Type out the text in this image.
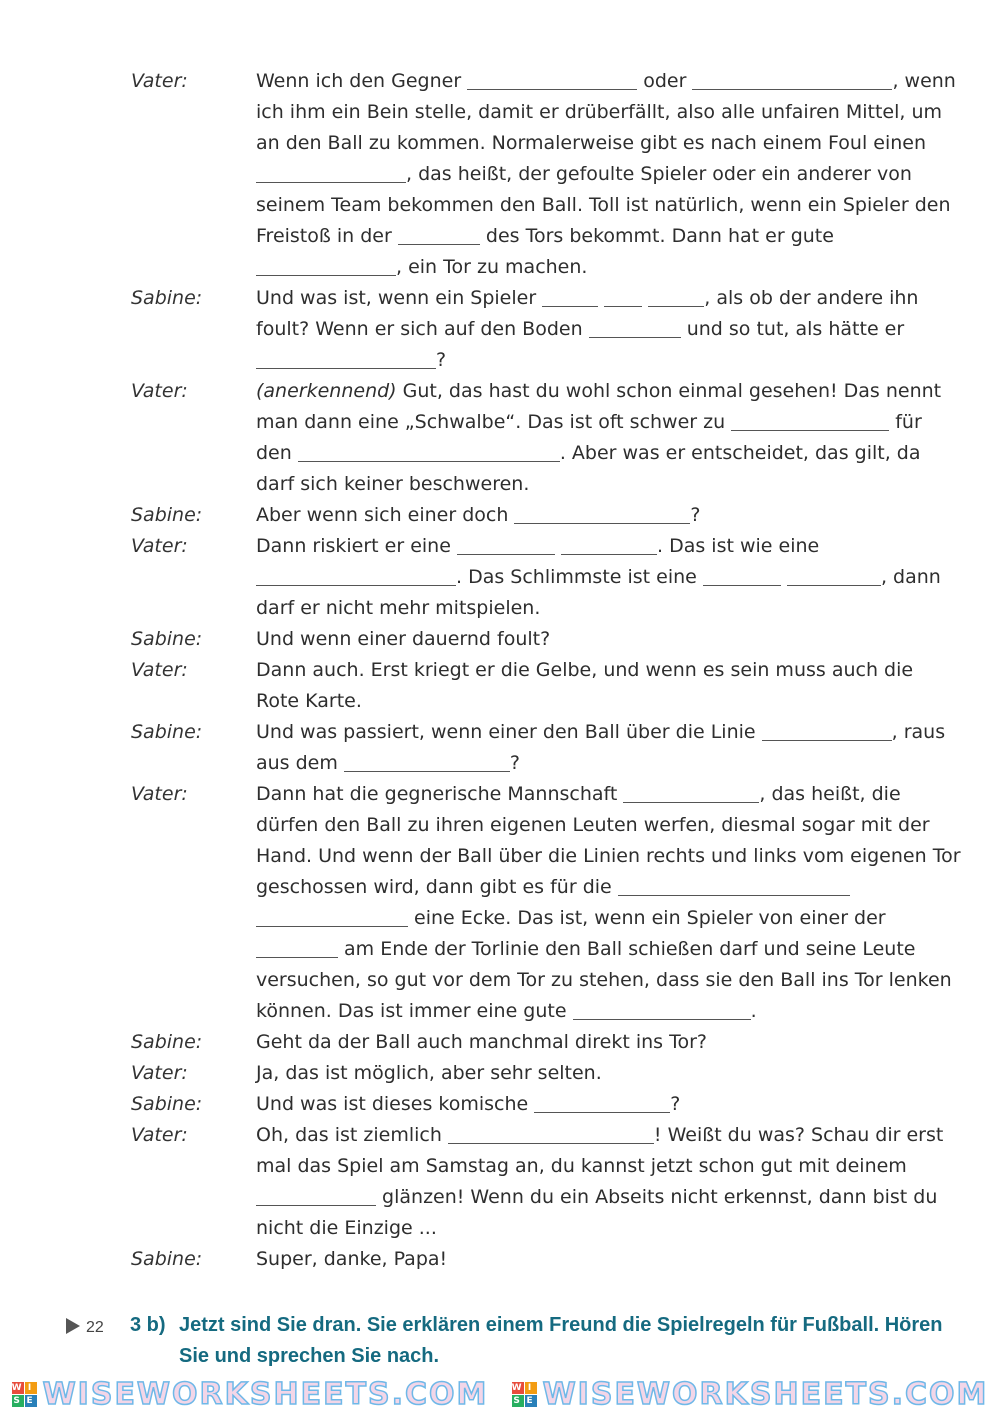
Vater:	Wenn ich den Gegner	oder	, wenn ich ihm ein Bein stelle, damit er drüberfällt, also alle unfairen Mittel, um an den Ball zu kommen. Normalerweise gibt es nach einem Foul einen , das heißt, der gefoulte Spieler oder ein anderer von seinem Team bekommen den Ball. Toll ist natürlich, wenn ein Spieler den Freistoß in der	des Tors bekommt. Dann hat er gute , ein Tor zu machen.
Sabine:	Und was ist, wenn ein Spieler	, als ob der andere ihn foult? Wenn er sich auf den Boden	und so tut, als hätte er ?
Vater:	(anerkennend) Gut, das hast du wohl schon einmal gesehen! Das nennt man dann eine „Schwalbe“. Das ist oft schwer zu	für den	. Aber was er entscheidet, das gilt, da darf sich keiner beschweren.
Sabine:	Aber wenn sich einer doch	?
Vater:	Dann riskiert er eine	. Das ist wie eine . Das Schlimmste ist eine	, dann darf er nicht mehr mitspielen.
Sabine:	Und wenn einer dauernd foult?
Vater:	Dann auch. Erst kriegt er die Gelbe, und wenn es sein muss auch die Rote Karte.
Sabine:	Und was passiert, wenn einer den Ball über die Linie	, raus aus dem	?
Vater:	Dann hat die gegnerische Mannschaft	, das heißt, die dürfen den Ball zu ihren eigenen Leuten werfen, diesmal sogar mit der Hand. Und wenn der Ball über die Linien rechts und links vom eigenen Tor geschossen wird, dann gibt es für die   eine Ecke. Das ist, wenn ein Spieler von einer der  am Ende der Torlinie den Ball schießen darf und seine Leute versuchen, so gut vor dem Tor zu stehen, dass sie den Ball ins Tor lenken können. Das ist immer eine gute	.
Sabine:	Geht da der Ball auch manchmal direkt ins Tor?
Vater:	Ja, das ist möglich, aber sehr selten.
Sabine:	Und was ist dieses komische	?
Vater:	Oh, das ist ziemlich	! Weißt du was? Schau dir erst mal das Spiel am Samstag an, du kannst jetzt schon gut mit deinem  glänzen! Wenn du ein Abseits nicht erkennst, dann bist du nicht die Einzige ...
Sabine:	Super, danke, Papa!
22 3 b) Jetzt sind Sie dran. Sie erklären einem Freund die Spielregeln für Fußball. Hören Sie und sprechen Sie nach.
W I
S E WISEWORKSHEETS.COM	W I
S E WISEWORKSHEETS.COM
